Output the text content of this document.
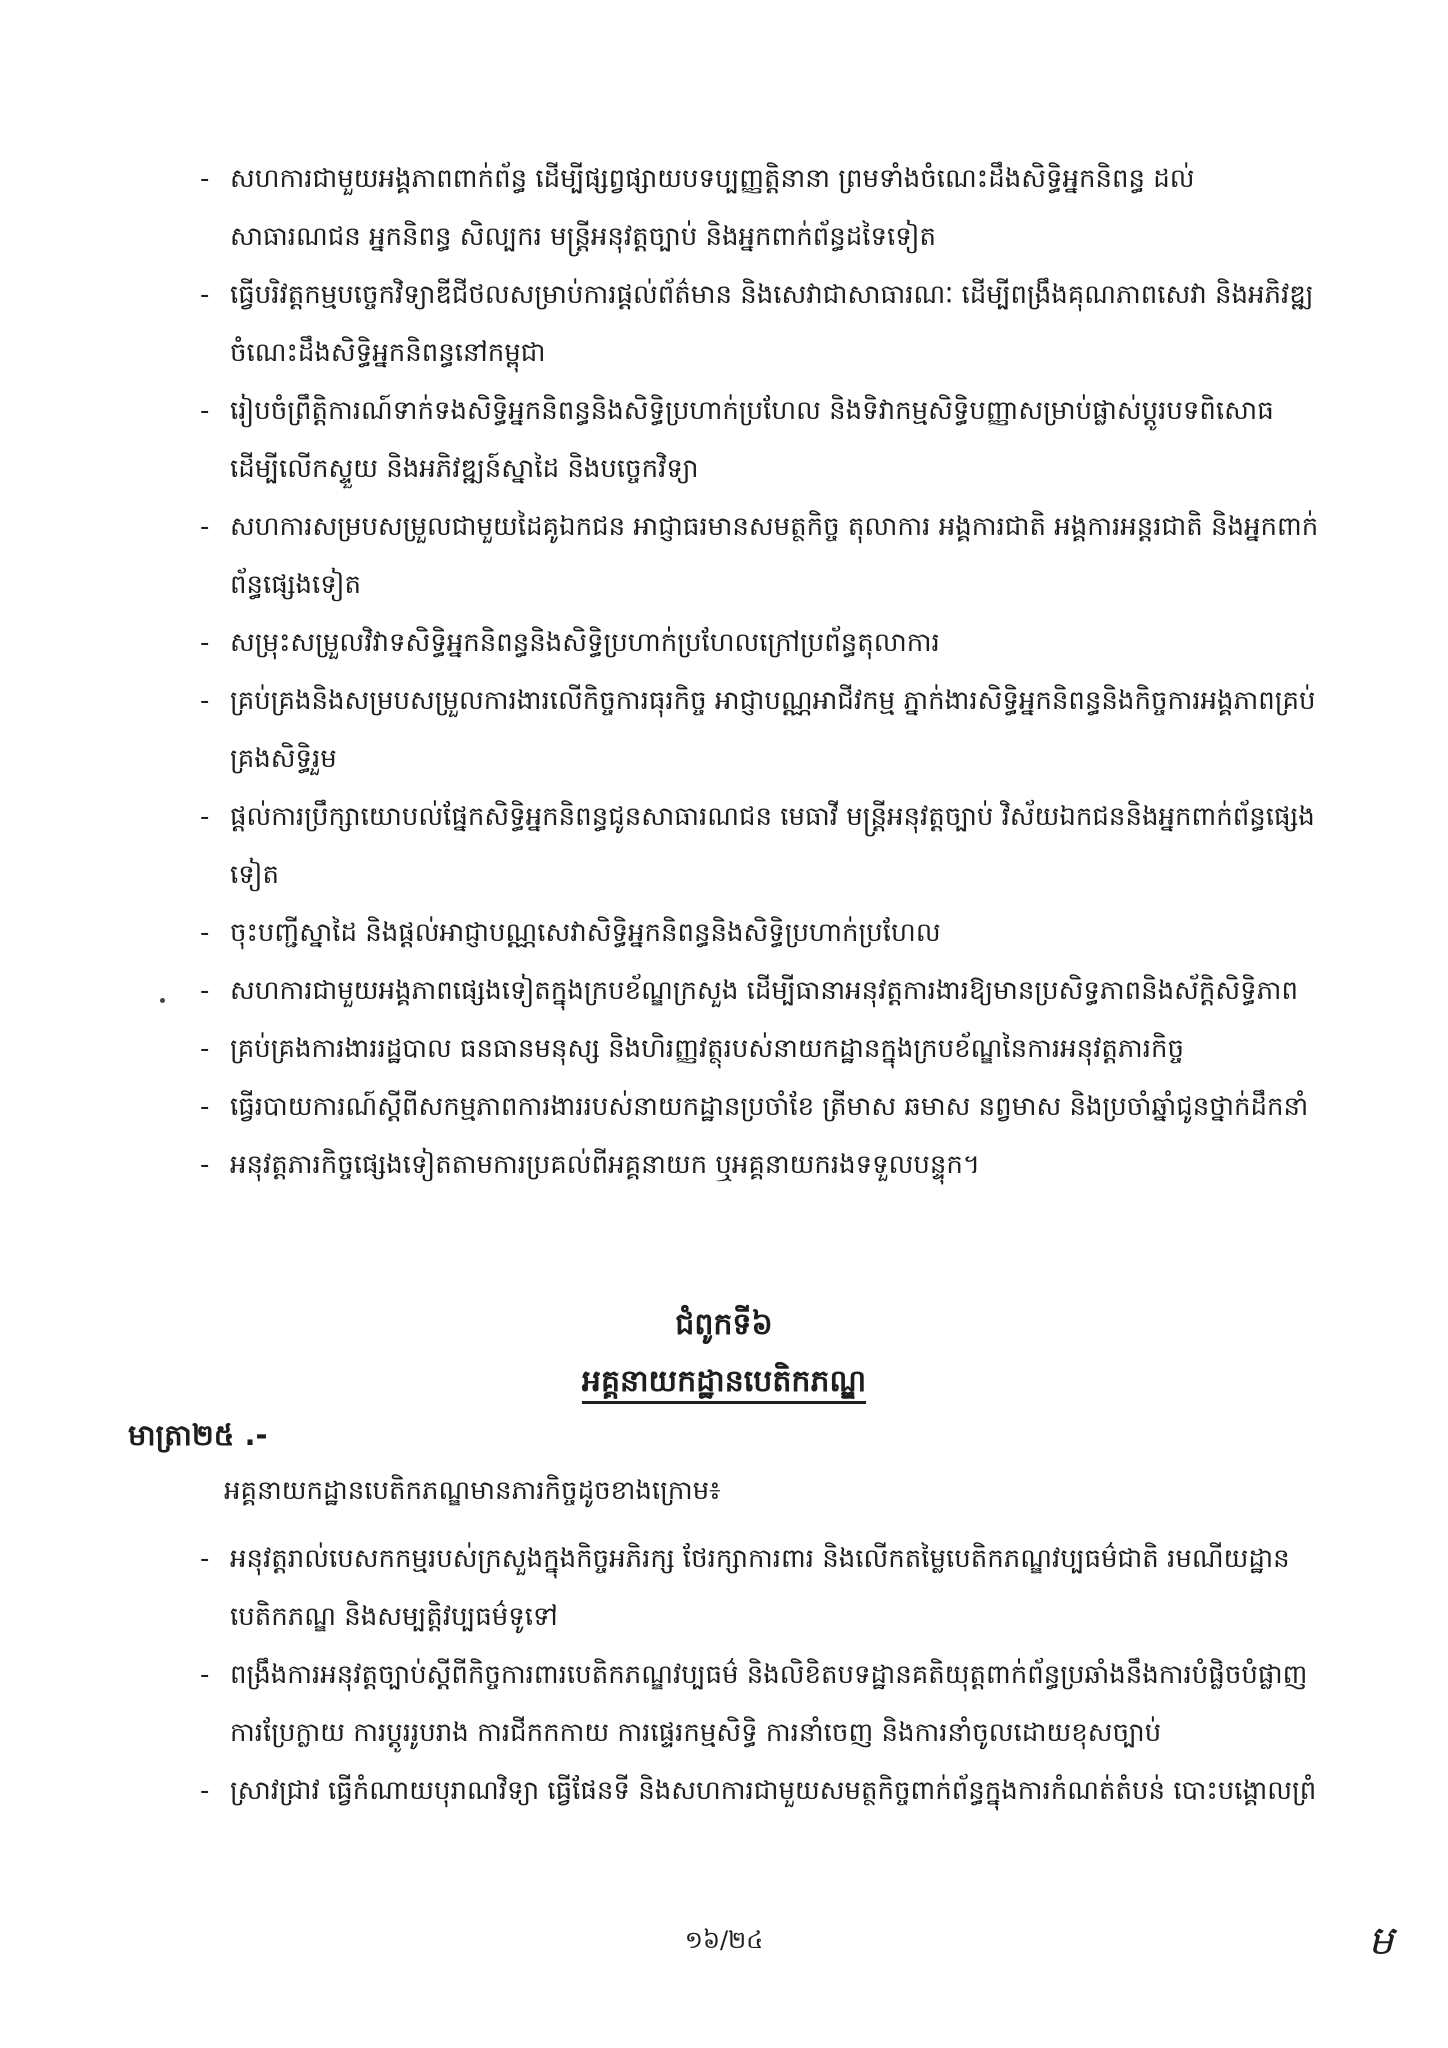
- សហការជាមួយអង្គភាពពាក់ព័ន្ធ ដើម្បីផ្សព្វផ្សាយបទប្បញ្ញត្តិនានា ព្រមទាំងចំណេះដឹងសិទ្ធិអ្នកនិពន្ធ ដល់សាធារណជន អ្នកនិពន្ធ សិល្បករ មន្ត្រីអនុវត្តច្បាប់ និងអ្នកពាក់ព័ន្ធដទៃទៀត
- ធ្វើបរិវត្តកម្មបច្ចេកវិទ្យាឌីជីថលសម្រាប់ការផ្តល់ព័ត៌មាន និងសេវាជាសាធារណៈ ដើម្បីពង្រឹងគុណភាពសេវា និងអភិវឌ្ឍចំណេះដឹងសិទ្ធិអ្នកនិពន្ធនៅកម្ពុជា
- រៀបចំព្រឹត្តិការណ៍ទាក់ទងសិទ្ធិអ្នកនិពន្ធនិងសិទ្ធិប្រហាក់ប្រហែល និងទិវាកម្មសិទ្ធិបញ្ញាសម្រាប់ផ្លាស់ប្តូរបទពិសោធ ដើម្បីលើកស្ទួយ និងអភិវឌ្ឍន៍ស្នាដៃ និងបច្ចេកវិទ្យា
- សហការសម្របសម្រួលជាមួយដៃគូឯកជន អាជ្ញាធរមានសមត្ថកិច្ច តុលាការ អង្គការជាតិ អង្គការអន្តរជាតិ និងអ្នកពាក់ព័ន្ធផ្សេងទៀត
- សម្រុះសម្រួលវិវាទសិទ្ធិអ្នកនិពន្ធនិងសិទ្ធិប្រហាក់ប្រហែលក្រៅប្រព័ន្ធតុលាការ
- គ្រប់គ្រងនិងសម្របសម្រួលការងារលើកិច្ចការធុរកិច្ច អាជ្ញាបណ្ណអាជីវកម្ម ភ្នាក់ងារសិទ្ធិអ្នកនិពន្ធនិងកិច្ចការអង្គភាពគ្រប់គ្រងសិទ្ធិរួម
- ផ្តល់ការប្រឹក្សាយោបល់ផ្នែកសិទ្ធិអ្នកនិពន្ធជូនសាធារណជន មេធាវី មន្ត្រីអនុវត្តច្បាប់ វិស័យឯកជននិងអ្នកពាក់ព័ន្ធផ្សេងទៀត
- ចុះបញ្ជីស្នាដៃ និងផ្តល់អាជ្ញាបណ្ណសេវាសិទ្ធិអ្នកនិពន្ធនិងសិទ្ធិប្រហាក់ប្រហែល
- សហការជាមួយអង្គភាពផ្សេងទៀតក្នុងក្របខ័ណ្ឌក្រសួង ដើម្បីធានាអនុវត្តការងារឱ្យមានប្រសិទ្ធភាពនិងស័ក្តិសិទ្ធិភាព
- គ្រប់គ្រងការងាររដ្ឋបាល ធនធានមនុស្ស និងហិរញ្ញវត្ថុរបស់នាយកដ្ឋានក្នុងក្របខ័ណ្ឌនៃការអនុវត្តភារកិច្ច
- ធ្វើរបាយការណ៍ស្តីពីសកម្មភាពការងាររបស់នាយកដ្ឋានប្រចាំខែ ត្រីមាស ឆមាស នព្វមាស និងប្រចាំឆ្នាំជូនថ្នាក់ដឹកនាំ
- អនុវត្តភារកិច្ចផ្សេងទៀតតាមការប្រគល់ពីអគ្គនាយក ឬអគ្គនាយករងទទួលបន្ទុក។
ជំពូកទី៦
អគ្គនាយកដ្ឋានបេតិកភណ្ឌ
មាត្រា២៥ .-
អគ្គនាយកដ្ឋានបេតិកភណ្ឌមានភារកិច្ចដូចខាងក្រោម៖
- អនុវត្តរាល់បេសកកម្មរបស់ក្រសួងក្នុងកិច្ចអភិរក្ស ថែរក្សាការពារ និងលើកតម្លៃបេតិកភណ្ឌវប្បធម៌ជាតិ រមណីយដ្ឋានបេតិកភណ្ឌ និងសម្បត្តិវប្បធម៌ទូទៅ
- ពង្រឹងការអនុវត្តច្បាប់ស្តីពីកិច្ចការពារបេតិកភណ្ឌវប្បធម៌ និងលិខិតបទដ្ឋានគតិយុត្តពាក់ព័ន្ធប្រឆាំងនឹងការបំផ្លិចបំផ្លាញ ការប្រែក្លាយ ការប្តូររូបរាង ការជីកកកាយ ការផ្ទេរកម្មសិទ្ធិ ការនាំចេញ និងការនាំចូលដោយខុសច្បាប់
- ស្រាវជ្រាវ ធ្វើកំណាយបុរាណវិទ្យា ធ្វើផែនទី និងសហការជាមួយសមត្ថកិច្ចពាក់ព័ន្ធក្នុងការកំណត់តំបន់ បោះបង្គោលព្រំ
១៦/២៤	ម
